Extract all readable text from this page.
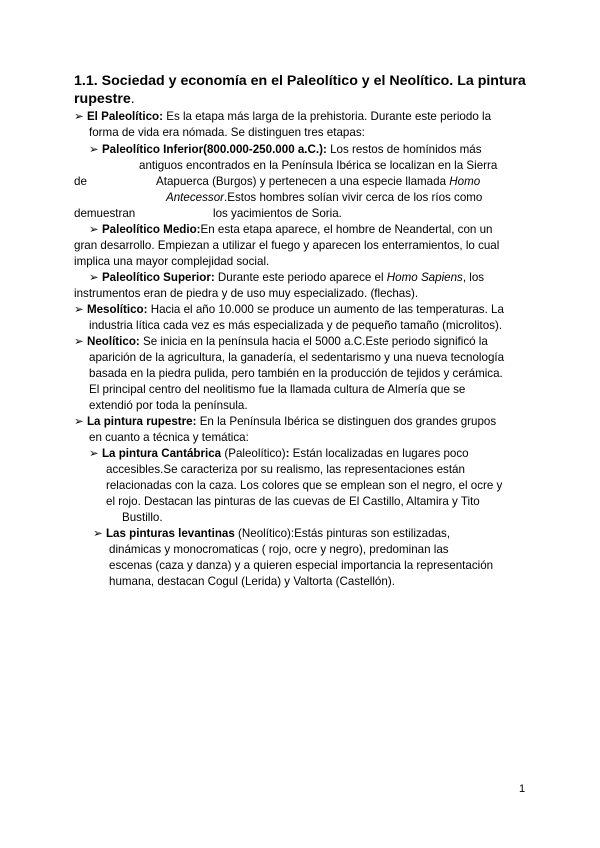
1.1. Sociedad y economía en el Paleolítico y el Neolítico. La pintura rupestre.
➢ El Paleolítico: Es la etapa más larga de la prehistoria. Durante este periodo la
forma de vida era nómada. Se distinguen tres etapas:
➢ Paleolítico Inferior(800.000-250.000 a.C.): Los restos de homínidos más
antiguos encontrados en la Península Ibérica se localizan en la Sierra
de	Atapuerca (Burgos) y pertenecen a una especie llamada Homo
Antecessor.Estos hombres solían vivir cerca de los ríos como
demuestran	los yacimientos de Soria.
➢ Paleolítico Medio:En esta etapa aparece, el hombre de Neandertal, con un
gran desarrollo. Empiezan a utilizar el fuego y aparecen los enterramientos, lo cual
implica una mayor complejidad social.
➢ Paleolítico Superior: Durante este periodo aparece el Homo Sapiens, los
instrumentos eran de piedra y de uso muy especializado. (flechas).
➢ Mesolítico: Hacia el año 10.000 se produce un aumento de las temperaturas. La
industria lítica cada vez es más especializada y de pequeño tamaño (microlitos).
➢ Neolítico: Se inicia en la península hacia el 5000 a.C.Este periodo significó la
aparición de la agricultura, la ganadería, el sedentarismo y una nueva tecnología
basada en la piedra pulida, pero también en la producción de tejidos y cerámica.
El principal centro del neolitismo fue la llamada cultura de Almería que se
extendió por toda la península.
➢ La pintura rupestre: En la Península Ibérica se distinguen dos grandes grupos
en cuanto a técnica y temática:
➢ La pintura Cantábrica (Paleolítico): Están localizadas en lugares poco
accesibles.Se caracteriza por su realismo, las representaciones están
relacionadas con la caza. Los colores que se emplean son el negro, el ocre y
el rojo. Destacan las pinturas de las cuevas de El Castillo, Altamira y Tito
Bustillo.
➢ Las pinturas levantinas (Neolítico):Estás pinturas son estilizadas,
dinámicas y monocromaticas ( rojo, ocre y negro), predominan las
escenas (caza y danza) y a quieren especial importancia la representación
humana, destacan Cogul (Lerida) y Valtorta (Castellón).
1
